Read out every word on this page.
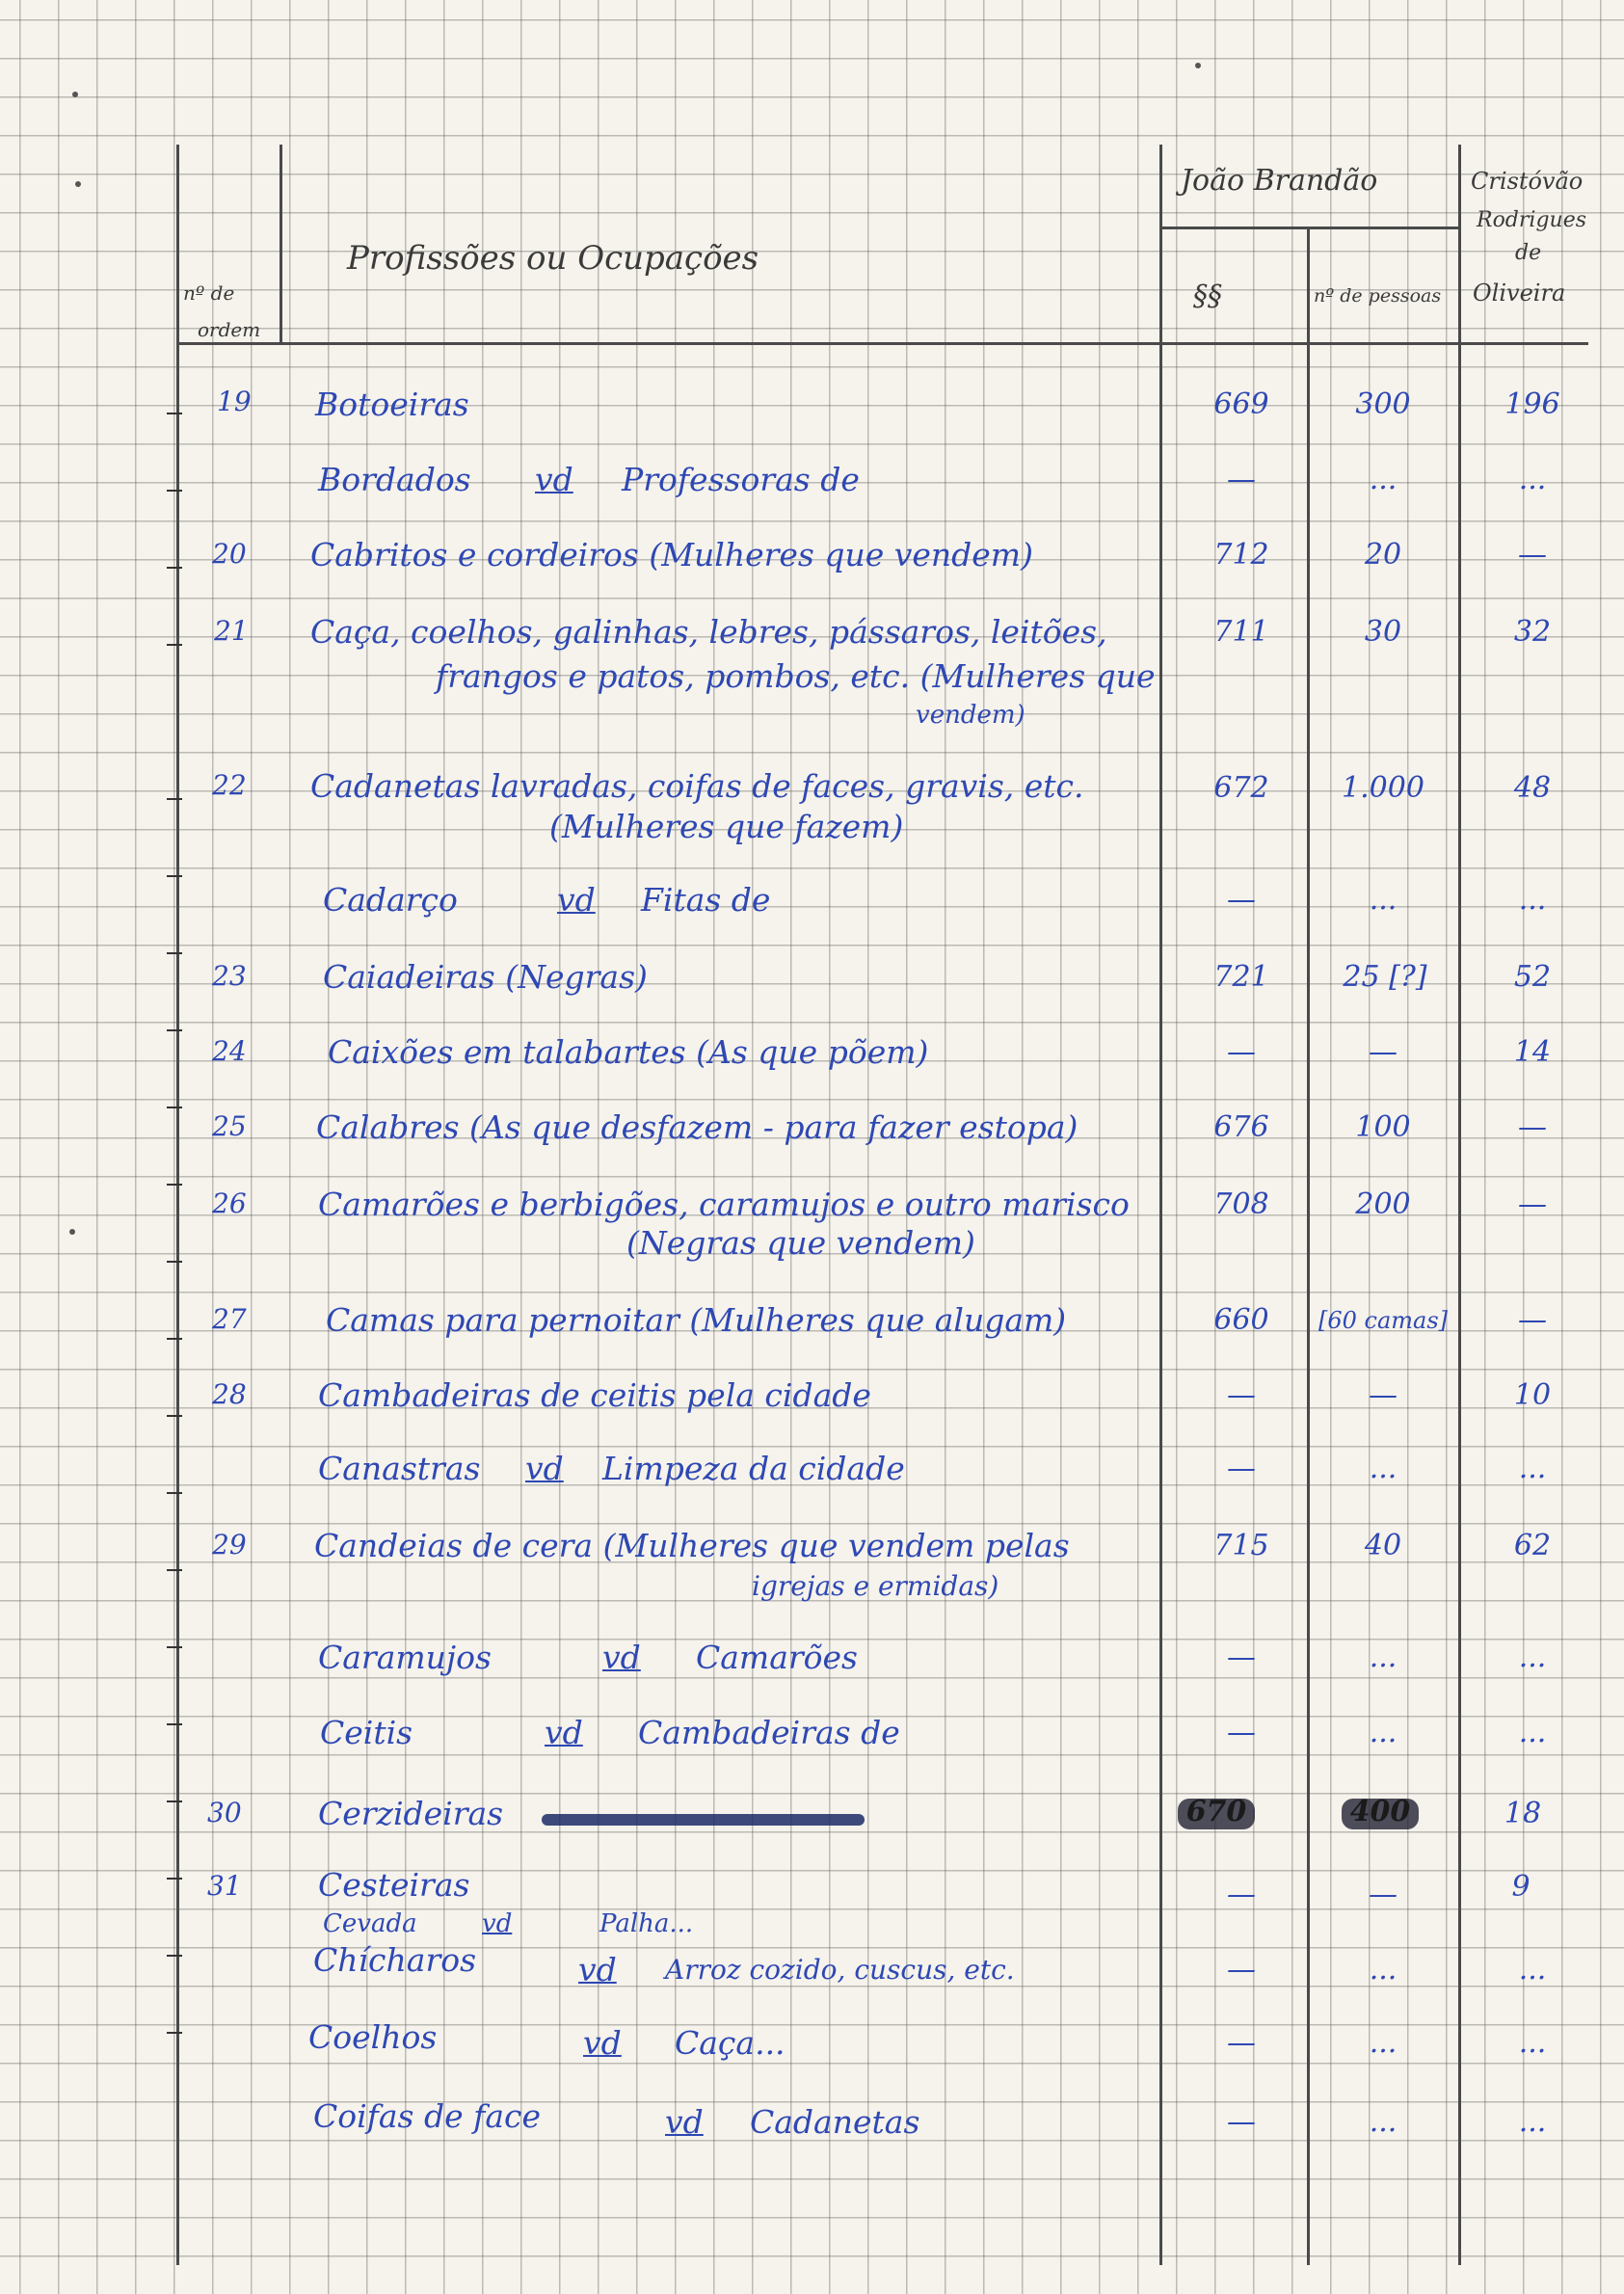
nº de
ordem
Profissões ou Ocupações
João Brandão
§§	nº de pessoas
Cristóvão
Rodrigues
de
Oliveira
19 Botoeiras	669	300	196
Bordados vd Professoras de	—	...	...
20 Cabritos e cordeiros (Mulheres que vendem)	712	20	—
21 Caça, coelhos, galinhas, lebres, pássaros, leitões,
frangos e patos, pombos, etc. (Mulheres que
vendem)
711	30	32
22 Cadanetas lavradas, coifas de faces, gravis, etc.
(Mulheres que fazem)
672	1.000	48
Cadarço	vd Fitas de	—	...	...
23 Caiadeiras (Negras)	721	25 [?]	52
24	Caixões em talabartes (As que põem)	—	—	14
25 Calabres (As que desfazem - para fazer estopa)	676	100	—
26 Camarões e berbigões, caramujos e outro marisco
(Negras que vendem)
708	200	—
27 Camas para pernoitar (Mulheres que alugam)	660	[60 camas]	—
28 Cambadeiras de ceitis pela cidade	—	—	10
Canastras vd Limpeza da cidade	—	...	...
29 Candeias de cera (Mulheres que vendem pelas
igrejas e ermidas)
715	40	62
Caramujos	vd Camarões	—	...	...
Ceitis	vd Cambadeiras de	—	...	...
30 Cerzideiras	670	400	18
31 Cesteiras	—	—	9
Cevada	vd	Palha...
Chícharos	vd Arroz cozido, cuscus, etc.	—	...	...
Coelhos	vd Caça...	—	...	...
Coifas de face	vd Cadanetas	—	...	...
